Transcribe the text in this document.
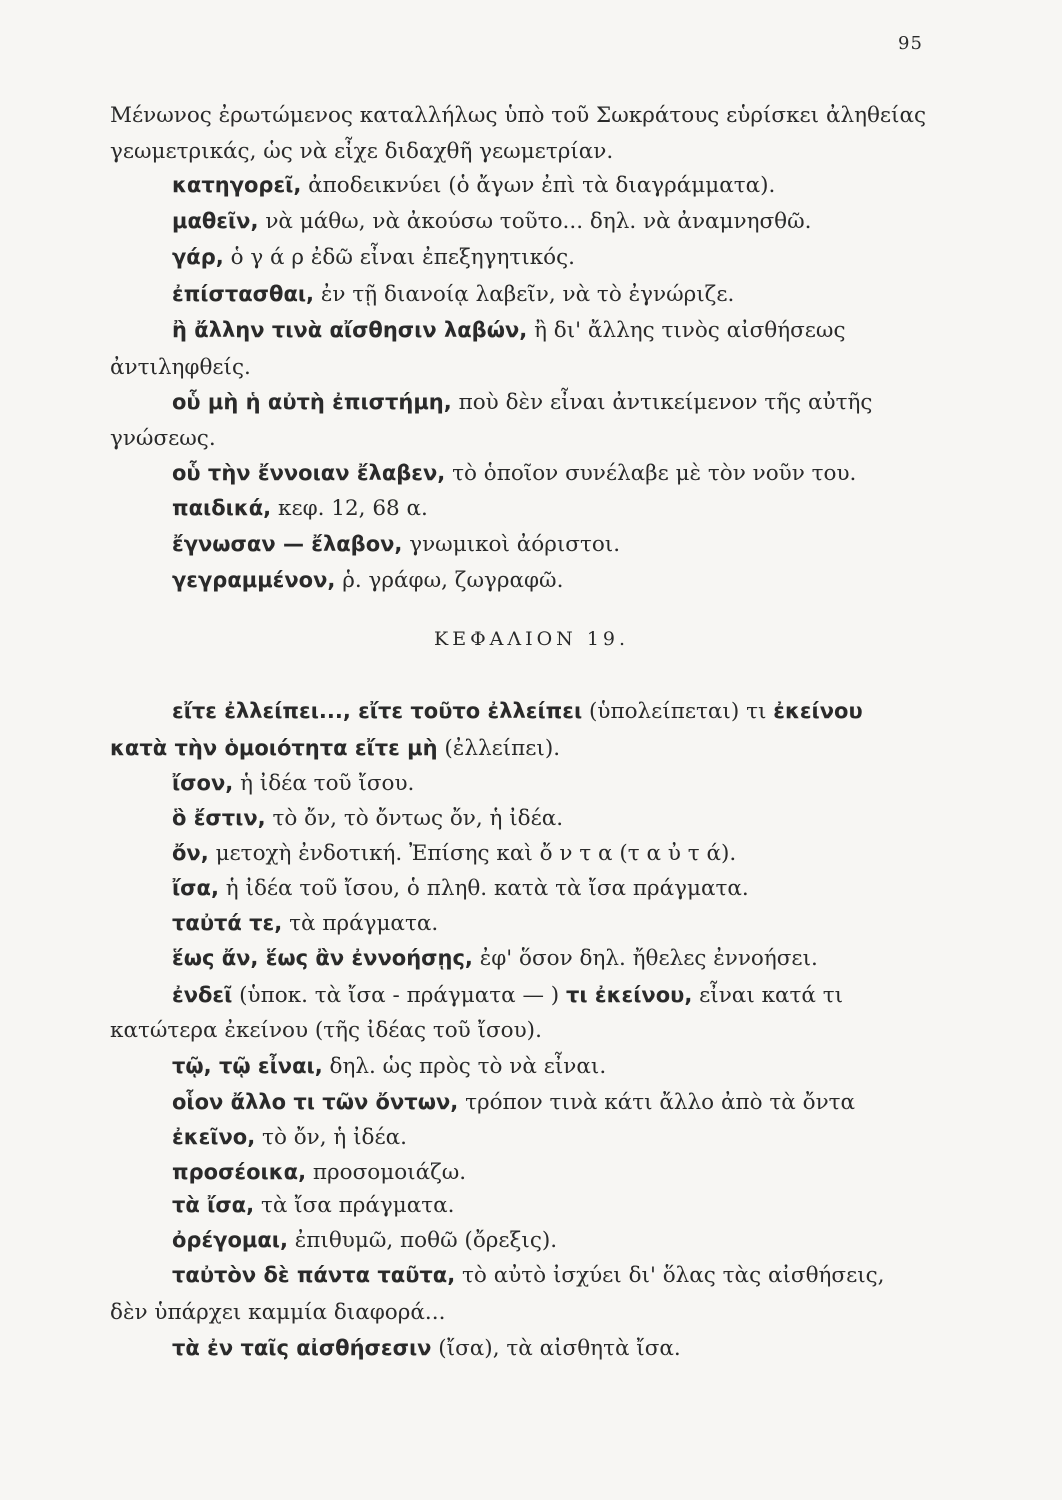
95
Μένωνος ἐρωτώμενος καταλλήλως ὑπὸ τοῦ Σωκράτους εὑρίσκει ἀληθείας
γεωμετρικάς, ὡς νὰ εἶχε διδαχθῆ γεωμετρίαν.
κατηγορεῖ, ἀποδεικνύει (ὁ ἄγων ἐπὶ τὰ διαγράμματα).
μαθεῖν, νὰ μάθω, νὰ ἀκούσω τοῦτο... δηλ. νὰ ἀναμνησθῶ.
γάρ, ὁ γ ά ρ ἐδῶ εἶναι ἐπεξηγητικός.
ἐπίστασθαι, ἐν τῇ διανοίᾳ λαβεῖν, νὰ τὸ ἐγνώριζε.
ἢ ἄλλην τινὰ αἴσθησιν λαβών, ἢ δι' ἄλλης τινὸς αἰσθήσεως
ἀντιληφθείς.
οὗ μὴ ἡ αὐτὴ ἐπιστήμη, ποὺ δὲν εἶναι ἀντικείμενον τῆς αὐτῆς
γνώσεως.
οὗ τὴν ἔννοιαν ἔλαβεν, τὸ ὁποῖον συνέλαβε μὲ τὸν νοῦν του.
παιδικά, κεφ. 12, 68 α.
ἔγνωσαν — ἔλαβον, γνωμικοὶ ἀόριστοι.
γεγραμμένον, ῥ. γράφω, ζωγραφῶ.
ΚΕΦΑΛΙΟΝ 19.
εἴτε ἐλλείπει..., εἴτε τοῦτο ἐλλείπει (ὑπολείπεται) τι ἐκείνου
κατὰ τὴν ὁμοιότητα εἴτε μὴ (ἐλλείπει).
ἴσον, ἡ ἰδέα τοῦ ἴσου.
ὃ ἔστιν, τὸ ὄν, τὸ ὄντως ὄν, ἡ ἰδέα.
ὄν, μετοχὴ ἐνδοτική. Ἐπίσης καὶ ὄ ν τ α (τ α ὐ τ ά).
ἴσα, ἡ ἰδέα τοῦ ἴσου, ὁ πληθ. κατὰ τὰ ἴσα πράγματα.
ταὐτά τε, τὰ πράγματα.
ἕως ἄν, ἕως ἂν ἐννοήσῃς, ἐφ' ὅσον δηλ. ἤθελες ἐννοήσει.
ἐνδεῖ (ὑποκ. τὰ ἴσα - πράγματα — ) τι ἐκείνου, εἶναι κατά τι
κατώτερα ἐκείνου (τῆς ἰδέας τοῦ ἴσου).
τῷ, τῷ εἶναι, δηλ. ὡς πρὸς τὸ νὰ εἶναι.
οἷον ἄλλο τι τῶν ὄντων, τρόπον τινὰ κάτι ἄλλο ἀπὸ τὰ ὄντα
ἐκεῖνο, τὸ ὄν, ἡ ἰδέα.
προσέοικα, προσομοιάζω.
τὰ ἴσα, τὰ ἴσα πράγματα.
ὀρέγομαι, ἐπιθυμῶ, ποθῶ (ὄρεξις).
ταὐτὸν δὲ πάντα ταῦτα, τὸ αὐτὸ ἰσχύει δι' ὅλας τὰς αἰσθήσεις,
δὲν ὑπάρχει καμμία διαφορά...
τὰ ἐν ταῖς αἰσθήσεσιν (ἴσα), τὰ αἰσθητὰ ἴσα.
